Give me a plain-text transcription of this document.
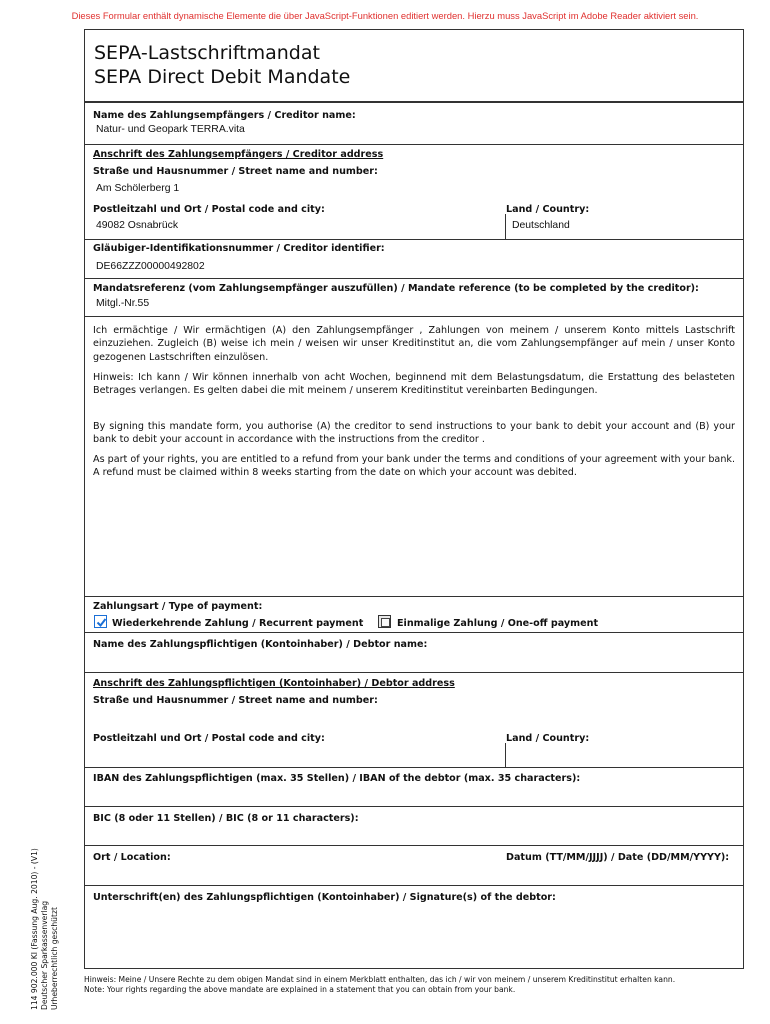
Dieses Formular enthält dynamische Elemente die über JavaScript-Funktionen editiert werden. Hierzu muss JavaScript im Adobe Reader aktiviert sein.
SEPA-Lastschriftmandat
SEPA Direct Debit Mandate
Name des Zahlungsempfängers / Creditor name:
Natur- und Geopark TERRA.vita
Anschrift des Zahlungsempfängers / Creditor address
Straße und Hausnummer / Street name and number:
Am Schölerberg 1
Postleitzahl und Ort / Postal code and city:
49082 Osnabrück
Land / Country:
Deutschland
Gläubiger-Identifikationsnummer / Creditor identifier:
DE66ZZZ00000492802
Mandatsreferenz (vom Zahlungsempfänger auszufüllen) / Mandate reference (to be completed by the creditor):
Mitgl.-Nr.55
Ich ermächtige / Wir ermächtigen (A) den Zahlungsempfänger , Zahlungen von meinem / unserem Konto mittels Lastschrift einzuziehen. Zugleich (B) weise ich mein / weisen wir unser Kreditinstitut an, die vom Zahlungsempfänger auf mein / unser Konto gezogenen Lastschriften einzulösen.
Hinweis: Ich kann / Wir können innerhalb von acht Wochen, beginnend mit dem Belastungsdatum, die Erstattung des belasteten Betrages verlangen. Es gelten dabei die mit meinem / unserem Kreditinstitut vereinbarten Bedingungen.
By signing this mandate form, you authorise (A) the creditor to send instructions to your bank to debit your account and (B) your bank to debit your account in accordance with the instructions from the creditor .
As part of your rights, you are entitled to a refund from your bank under the terms and conditions of your agreement with your bank. A refund must be claimed within 8 weeks starting from the date on which your account was debited.
Zahlungsart / Type of payment:
Wiederkehrende Zahlung / Recurrent payment	Einmalige Zahlung / One-off payment
Name des Zahlungspflichtigen (Kontoinhaber) / Debtor name:
Anschrift des Zahlungspflichtigen (Kontoinhaber) / Debtor address
Straße und Hausnummer / Street name and number:
Postleitzahl und Ort / Postal code and city:	Land / Country:
IBAN des Zahlungspflichtigen (max. 35 Stellen) / IBAN of the debtor (max. 35 characters):
BIC (8 oder 11 Stellen) / BIC (8 or 11 characters):
Ort / Location:	Datum (TT/MM/JJJJ) / Date (DD/MM/YYYY):
Unterschrift(en) des Zahlungspflichtigen (Kontoinhaber) / Signature(s) of the debtor:
Hinweis: Meine / Unsere Rechte zu dem obigen Mandat sind in einem Merkblatt enthalten, das ich / wir von meinem / unserem Kreditinstitut erhalten kann.
Note: Your rights regarding the above mandate are explained in a statement that you can obtain from your bank.
114 902.000 KI (Fassung Aug. 2010) - (V1) Deutscher Sparkassenverlag Urheberrechtlich geschützt
